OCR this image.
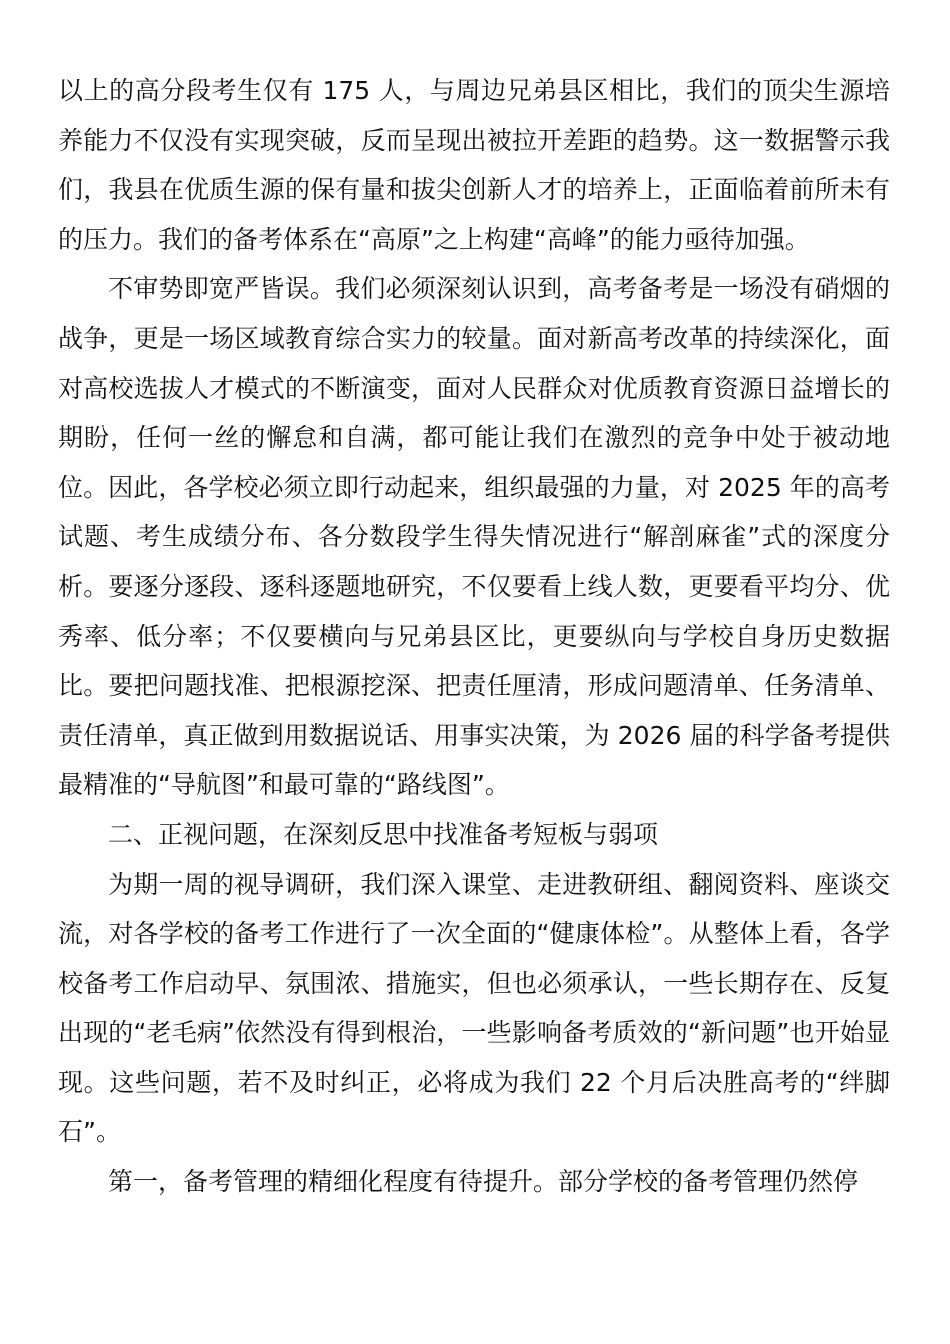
以上的高分段考生仅有 175 人，与周边兄弟县区相比，我们的顶尖生源培养能力不仅没有实现突破，反而呈现出被拉开差距的趋势。这一数据警示我们，我县在优质生源的保有量和拔尖创新人才的培养上，正面临着前所未有的压力。我们的备考体系在“高原”之上构建“高峰”的能力亟待加强。

不审势即宽严皆误。我们必须深刻认识到，高考备考是一场没有硝烟的战争，更是一场区域教育综合实力的较量。面对新高考改革的持续深化，面对高校选拔人才模式的不断演变，面对人民群众对优质教育资源日益增长的期盼，任何一丝的懈怠和自满，都可能让我们在激烈的竞争中处于被动地位。因此，各学校必须立即行动起来，组织最强的力量，对 2025 年的高考试题、考生成绩分布、各分数段学生得失情况进行“解剖麻雀”式的深度分析。要逐分逐段、逐科逐题地研究，不仅要看上线人数，更要看平均分、优秀率、低分率；不仅要横向与兄弟县区比，更要纵向与学校自身历史数据比。要把问题找准、把根源挖深、把责任厘清，形成问题清单、任务清单、责任清单，真正做到用数据说话、用事实决策，为 2026 届的科学备考提供最精准的“导航图”和最可靠的“路线图”。

二、正视问题，在深刻反思中找准备考短板与弱项

为期一周的视导调研，我们深入课堂、走进教研组、翻阅资料、座谈交流，对各学校的备考工作进行了一次全面的“健康体检”。从整体上看，各学校备考工作启动早、氛围浓、措施实，但也必须承认，一些长期存在、反复出现的“老毛病”依然没有得到根治，一些影响备考质效的“新问题”也开始显现。这些问题，若不及时纠正，必将成为我们 22 个月后决胜高考的“绊脚石”。

第一，备考管理的精细化程度有待提升。部分学校的备考管理仍然停
